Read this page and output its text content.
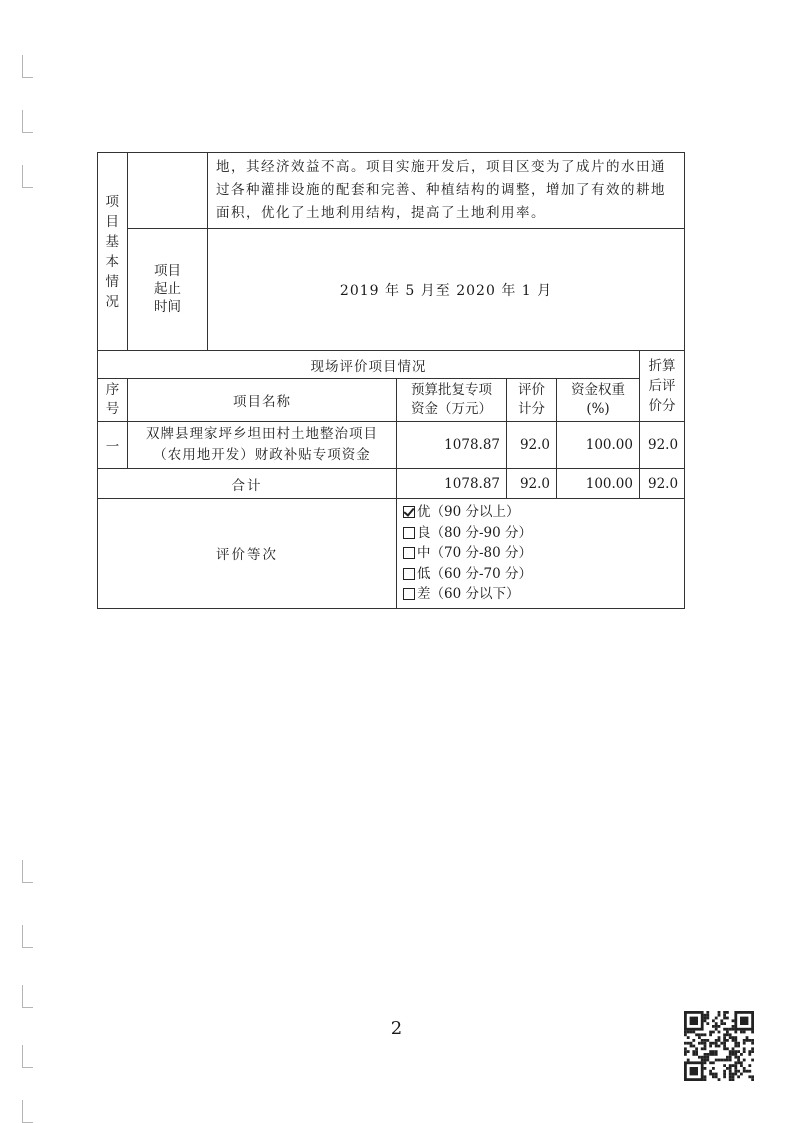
项目基本情况		地，其经济效益不高。项目实施开发后，项目区变为了成片的水田通过各种灌排设施的配套和完善、种植结构的调整，增加了有效的耕地面积，优化了土地利用结构，提高了土地利用率。				
	项目起止时间	2019 年 5 月至 2020 年 1 月				
现场评价项目情况						折算后评价分
序号	项目名称		预算批复专项资金（万元）	评价计分	资金权重(%)	
一	双牌县理家坪乡坦田村土地整治项目（农用地开发）财政补贴专项资金		1078.87	92.0	100.00	92.0
合计			1078.87	92.0	100.00	92.0
评价等次			优（90 分以上）
良（80 分-90 分）
中（70 分-80 分）
低（60 分-70 分）
差（60 分以下）			
2
